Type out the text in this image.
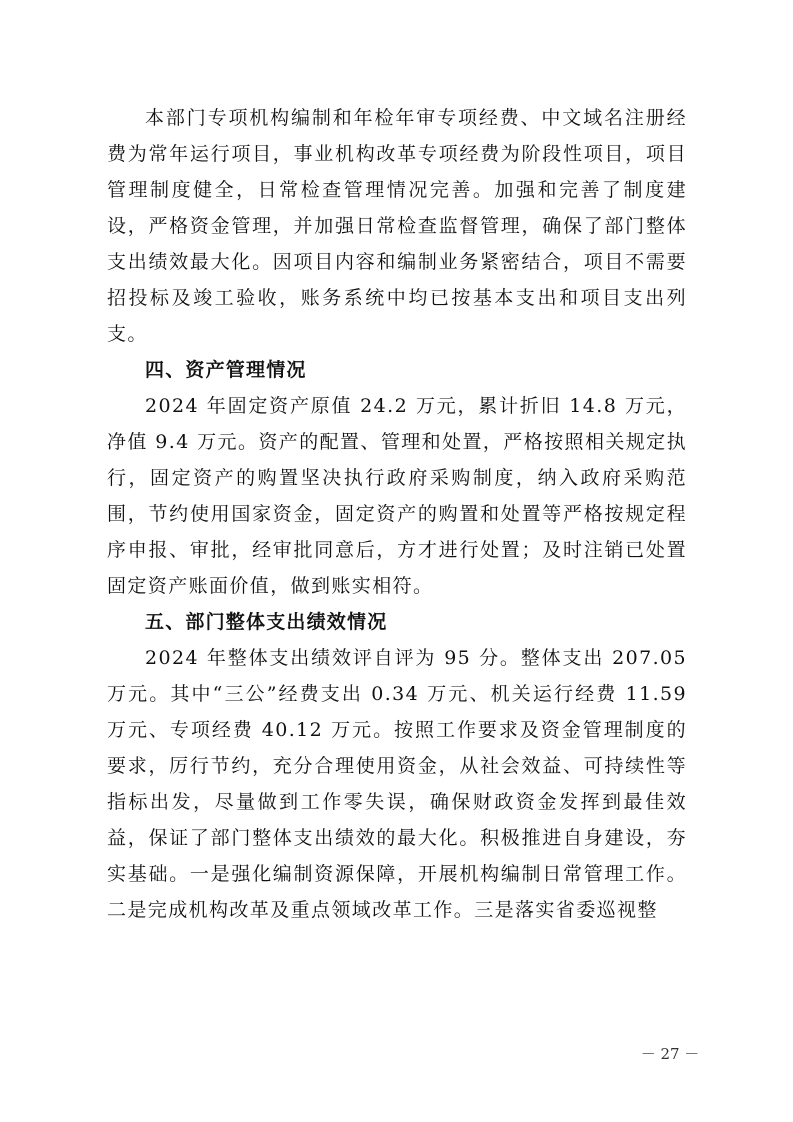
本部门专项机构编制和年检年审专项经费、中文域名注册经费为常年运行项目，事业机构改革专项经费为阶段性项目，项目管理制度健全，日常检查管理情况完善。加强和完善了制度建设，严格资金管理，并加强日常检查监督管理，确保了部门整体支出绩效最大化。因项目内容和编制业务紧密结合，项目不需要招投标及竣工验收，账务系统中均已按基本支出和项目支出列支。

四、资产管理情况

2024 年固定资产原值 24.2 万元，累计折旧 14.8 万元，净值 9.4 万元。资产的配置、管理和处置，严格按照相关规定执行，固定资产的购置坚决执行政府采购制度，纳入政府采购范围，节约使用国家资金，固定资产的购置和处置等严格按规定程序申报、审批，经审批同意后，方才进行处置；及时注销已处置固定资产账面价值，做到账实相符。

五、部门整体支出绩效情况

2024 年整体支出绩效评自评为 95 分。整体支出 207.05 万元。其中“三公”经费支出 0.34 万元、机关运行经费 11.59 万元、专项经费 40.12 万元。按照工作要求及资金管理制度的要求，厉行节约，充分合理使用资金，从社会效益、可持续性等指标出发，尽量做到工作零失误，确保财政资金发挥到最佳效益，保证了部门整体支出绩效的最大化。积极推进自身建设，夯实基础。一是强化编制资源保障，开展机构编制日常管理工作。二是完成机构改革及重点领域改革工作。三是落实省委巡视整

－ 27 －
